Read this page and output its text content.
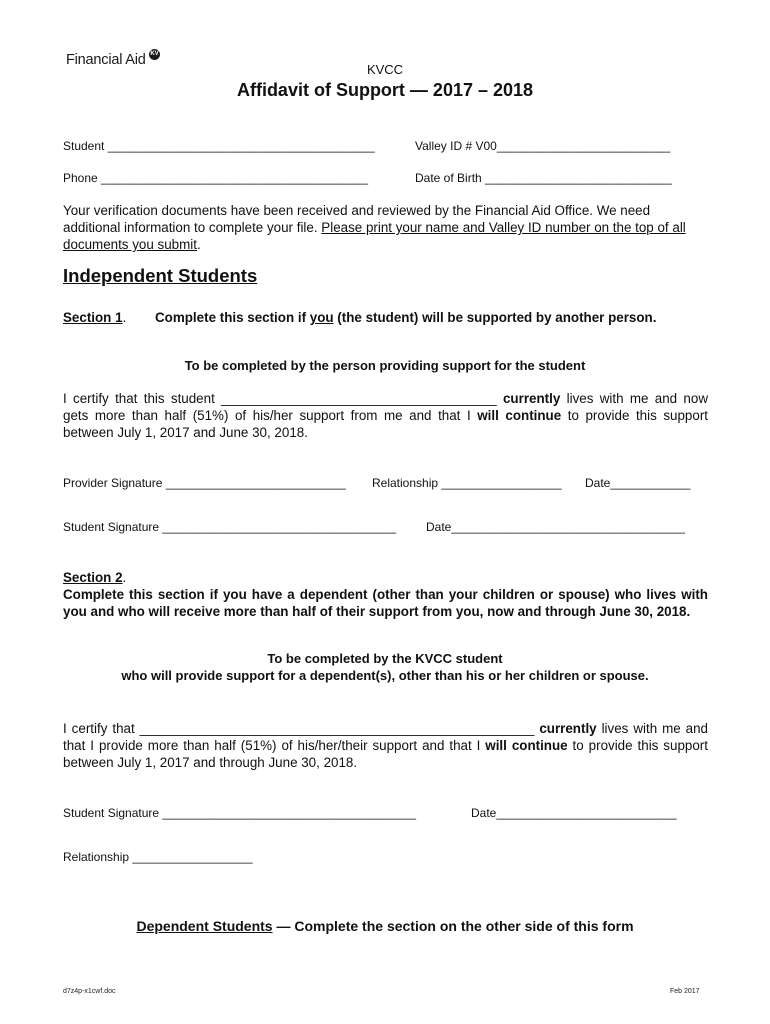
Financial Aid KV
KVCC
Affidavit of Support — 2017 – 2018
Student ________________________________________	Valley ID # V00__________________________
Phone ________________________________________	Date of Birth ____________________________
Your verification documents have been received and reviewed by the Financial Aid Office. We need additional information to complete your file. Please print your name and Valley ID number on the top of all documents you submit.
Independent Students
Section 1. Complete this section if you (the student) will be supported by another person.
To be completed by the person providing support for the student
I certify that this student _____________________________________ currently lives with me and now gets more than half (51%) of his/her support from me and that I will continue to provide this support between July 1, 2017 and June 30, 2018.
Provider Signature ___________________________ Relationship __________________ Date____________
Student Signature ___________________________________	Date___________________________________
Section 2.
Complete this section if you have a dependent (other than your children or spouse) who lives with you and who will receive more than half of their support from you, now and through June 30, 2018.
To be completed by the KVCC student
who will provide support for a dependent(s), other than his or her children or spouse.
I certify that _____________________________________________________ currently lives with me and that I provide more than half (51%) of his/her/their support and that I will continue to provide this support between July 1, 2017 and through June 30, 2018.
Student Signature ______________________________________	Date___________________________
Relationship __________________
Dependent Students — Complete the section on the other side of this form
d7z4p-x1cwf.doc	Feb 2017
